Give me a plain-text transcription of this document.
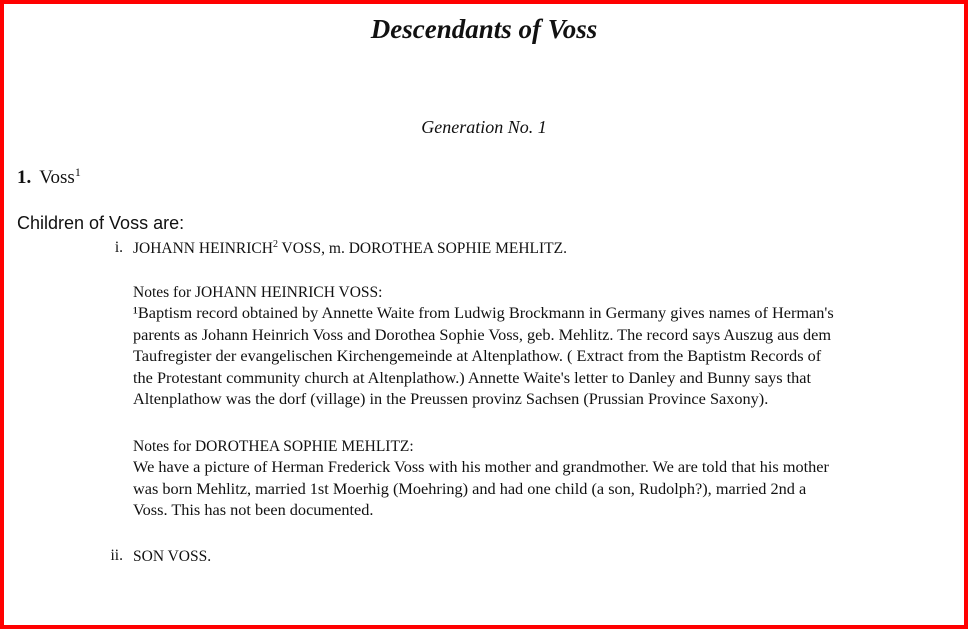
Descendants of Voss
Generation No. 1
1. Voss$^1$
Children of Voss are:
i. JOHANN HEINRICH$^2$ VOSS, m. DOROTHEA SOPHIE MEHLITZ.
Notes for JOHANN HEINRICH VOSS:
¹Baptism record obtained by Annette Waite from Ludwig Brockmann in Germany gives names of Herman's
parents as Johann Heinrich Voss and Dorothea Sophie Voss, geb. Mehlitz. The record says Auszug aus dem
Taufregister der evangelischen Kirchengemeinde at Altenplathow. ( Extract from the Baptistm Records of
the Protestant community church at Altenplathow.) Annette Waite's letter to Danley and Bunny says that
Altenplathow was the dorf (village) in the Preussen provinz Sachsen (Prussian Province Saxony).
Notes for DOROTHEA SOPHIE MEHLITZ:
We have a picture of Herman Frederick Voss with his mother and grandmother. We are told that his mother
was born Mehlitz, married 1st Moerhig (Moehring) and had one child (a son, Rudolph?), married 2nd a
Voss. This has not been documented.
ii. SON VOSS.
